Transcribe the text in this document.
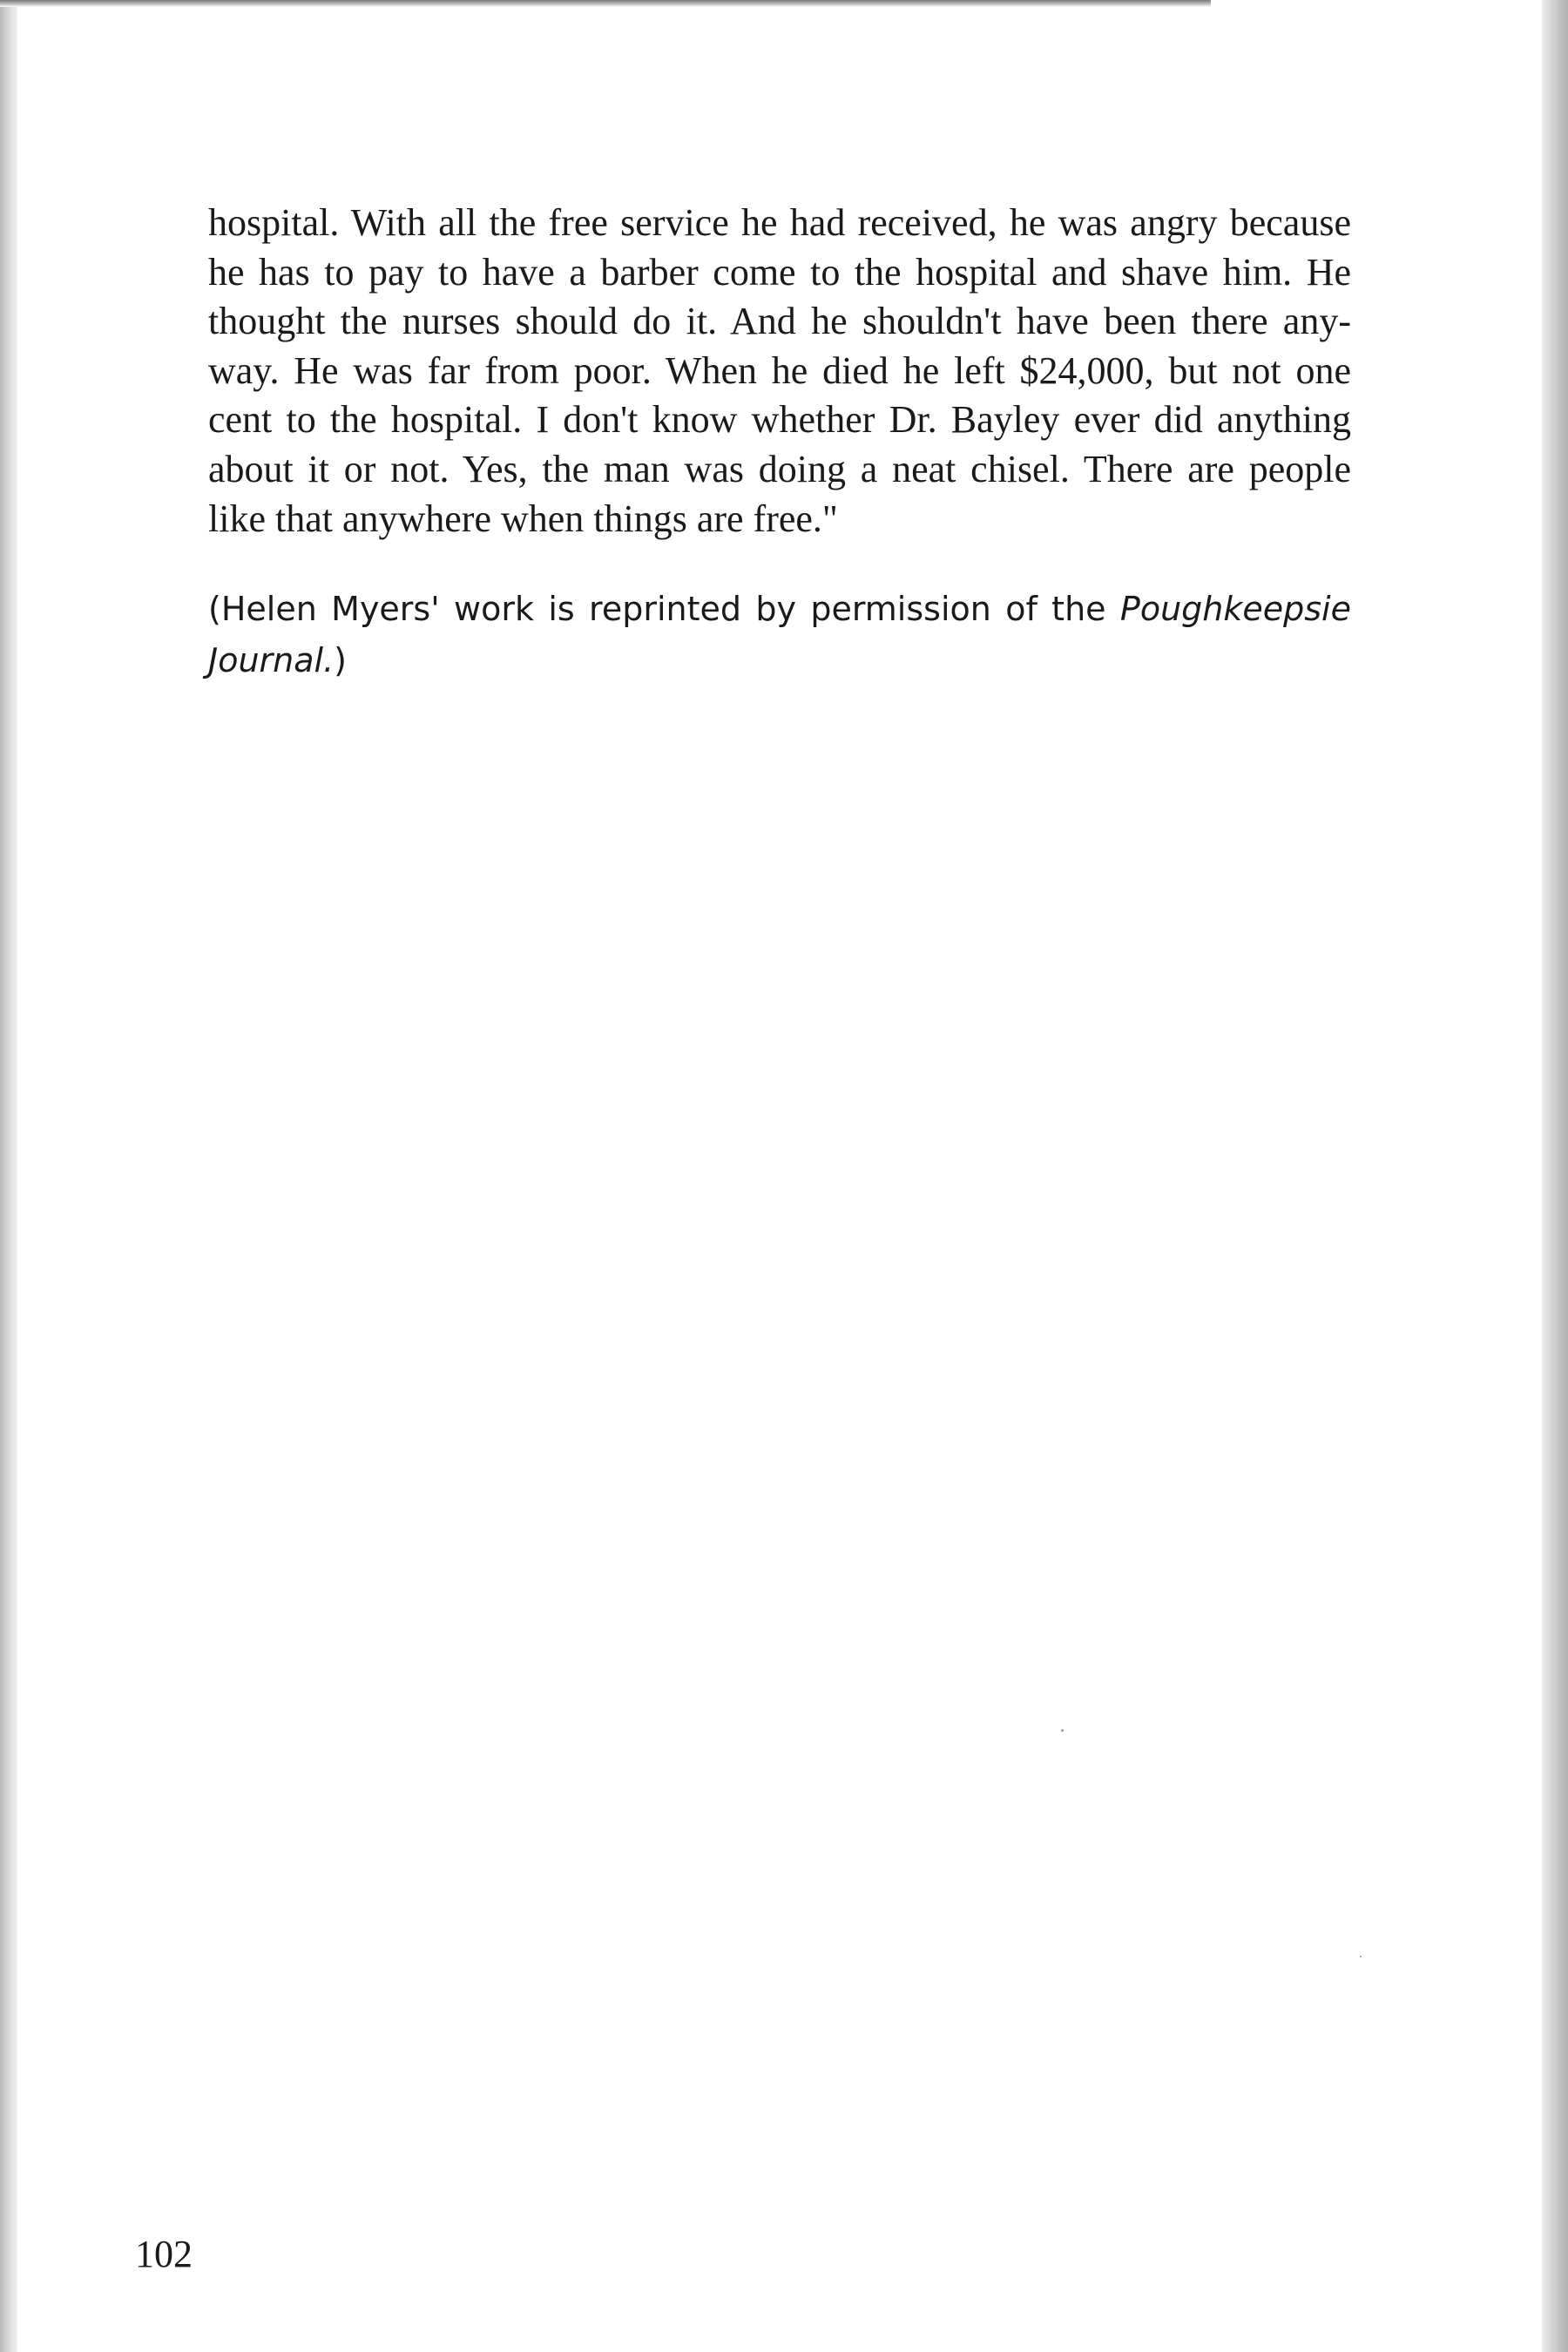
hospital. With all the free service he had received, he was angry because
he has to pay to have a barber come to the hospital and shave him. He
thought the nurses should do it. And he shouldn't have been there any-
way. He was far from poor. When he died he left $24,000, but not one
cent to the hospital. I don't know whether Dr. Bayley ever did anything
about it or not. Yes, the man was doing a neat chisel. There are people
like that anywhere when things are free."

(Helen Myers' work is reprinted by permission of the Poughkeepsie
Journal.)

102
